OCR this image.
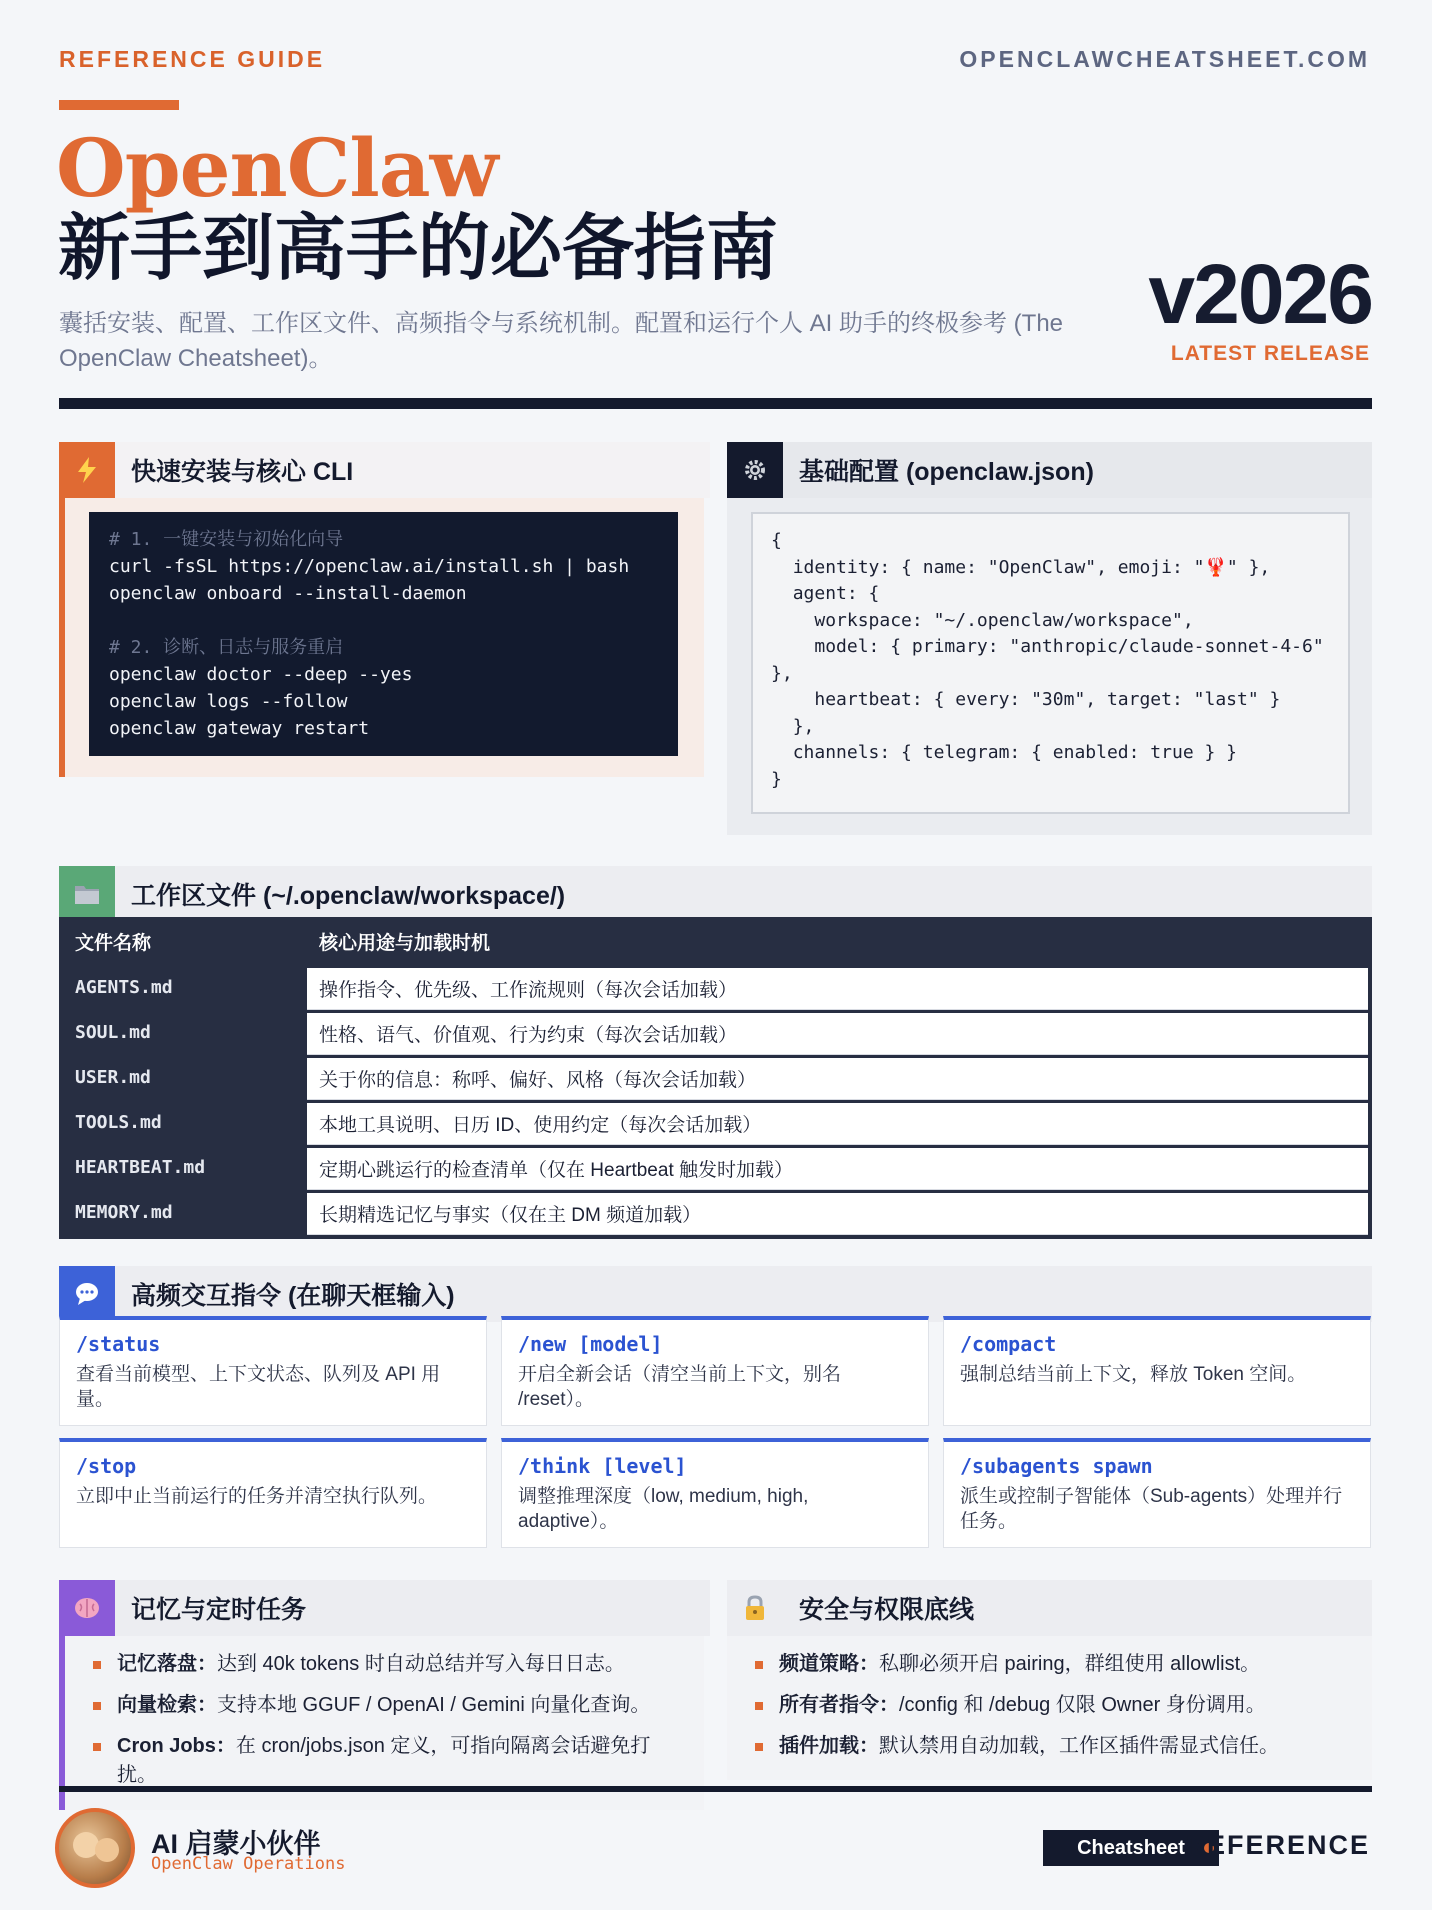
REFERENCE GUIDE	OPENCLAWCHEATSHEET.COM
OpenClaw
新手到高手的必备指南
囊括安装、配置、工作区文件、高频指令与系统机制。配置和运行个人 AI 助手的终极参考 (The OpenClaw Cheatsheet)。
v2026
LATEST RELEASE
快速安装与核心 CLI
# 1. 一键安装与初始化向导
curl -fsSL https://openclaw.ai/install.sh | bash
openclaw onboard --install-daemon
# 2. 诊断、日志与服务重启
openclaw doctor --deep --yes
openclaw logs --follow
openclaw gateway restart
基础配置 (openclaw.json)
{
identity: { name: "OpenClaw", emoji: "🦞" },
agent: {
workspace: "~/.openclaw/workspace",
model: { primary: "anthropic/claude-sonnet-4-6" },
heartbeat: { every: "30m", target: "last" }
},
channels: { telegram: { enabled: true } }
}
工作区文件 (~/.openclaw/workspace/)
文件名称	核心用途与加载时机
AGENTS.md	操作指令、优先级、工作流规则（每次会话加载）
SOUL.md	性格、语气、价值观、行为约束（每次会话加载）
USER.md	关于你的信息：称呼、偏好、风格（每次会话加载）
TOOLS.md	本地工具说明、日历 ID、使用约定（每次会话加载）
HEARTBEAT.md	定期心跳运行的检查清单（仅在 Heartbeat 触发时加载）
MEMORY.md	长期精选记忆与事实（仅在主 DM 频道加载）
高频交互指令 (在聊天框输入)
/status
查看当前模型、上下文状态、队列及 API 用量。
/new [model]
开启全新会话（清空当前上下文，别名 /reset）。
/compact
强制总结当前上下文，释放 Token 空间。
/stop
立即中止当前运行的任务并清空执行队列。
/think [level]
调整推理深度（low, medium, high, adaptive）。
/subagents spawn
派生或控制子智能体（Sub-agents）处理并行任务。
记忆与定时任务
记忆落盘：达到 40k tokens 时自动总结并写入每日日志。
向量检索：支持本地 GGUF / OpenAI / Gemini 向量化查询。
Cron Jobs：在 cron/jobs.json 定义，可指向隔离会话避免打扰。
安全与权限底线
频道策略：私聊必须开启 pairing，群组使用 allowlist。
所有者指令：/config 和 /debug 仅限 Owner 身份调用。
插件加载：默认禁用自动加载，工作区插件需显式信任。
AI 启蒙小伙伴
OpenClaw Operations
Cheatsheet REFERENCE
